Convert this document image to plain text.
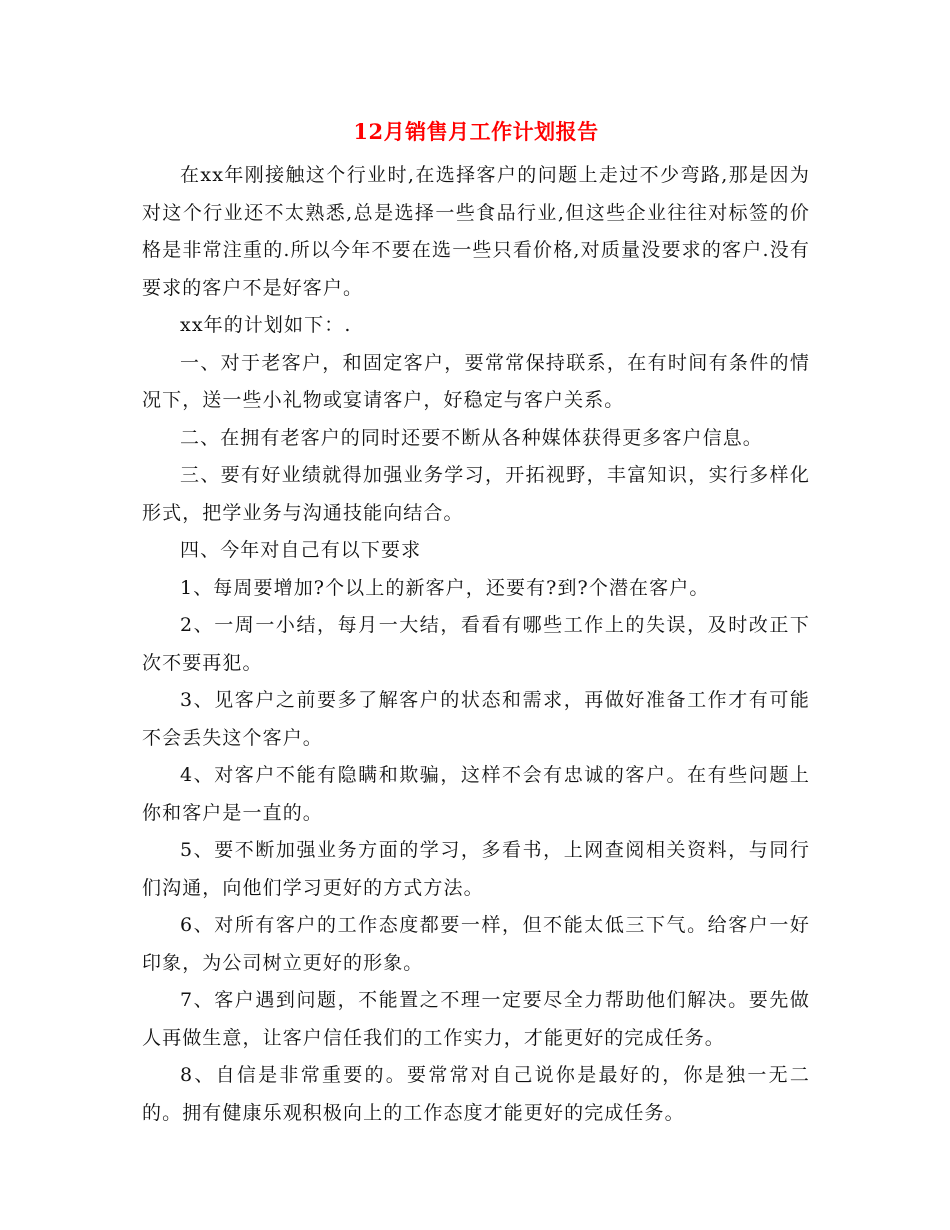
12月销售月工作计划报告

在xx年刚接触这个行业时,在选择客户的问题上走过不少弯路,那是因为对这个行业还不太熟悉,总是选择一些食品行业,但这些企业往往对标签的价格是非常注重的.所以今年不要在选一些只看价格,对质量没要求的客户.没有要求的客户不是好客户。

xx年的计划如下：.

一、对于老客户，和固定客户，要常常保持联系，在有时间有条件的情况下，送一些小礼物或宴请客户，好稳定与客户关系。

二、在拥有老客户的同时还要不断从各种媒体获得更多客户信息。

三、要有好业绩就得加强业务学习，开拓视野，丰富知识，实行多样化形式，把学业务与沟通技能向结合。

四、今年对自己有以下要求

1、每周要增加?个以上的新客户，还要有?到?个潜在客户。

2、一周一小结，每月一大结，看看有哪些工作上的失误，及时改正下次不要再犯。

3、见客户之前要多了解客户的状态和需求，再做好准备工作才有可能不会丢失这个客户。

4、对客户不能有隐瞒和欺骗，这样不会有忠诚的客户。在有些问题上你和客户是一直的。

5、要不断加强业务方面的学习，多看书，上网查阅相关资料，与同行们沟通，向他们学习更好的方式方法。

6、对所有客户的工作态度都要一样，但不能太低三下气。给客户一好印象，为公司树立更好的形象。

7、客户遇到问题，不能置之不理一定要尽全力帮助他们解决。要先做人再做生意，让客户信任我们的工作实力，才能更好的完成任务。

8、自信是非常重要的。要常常对自己说你是最好的，你是独一无二的。拥有健康乐观积极向上的工作态度才能更好的完成任务。
